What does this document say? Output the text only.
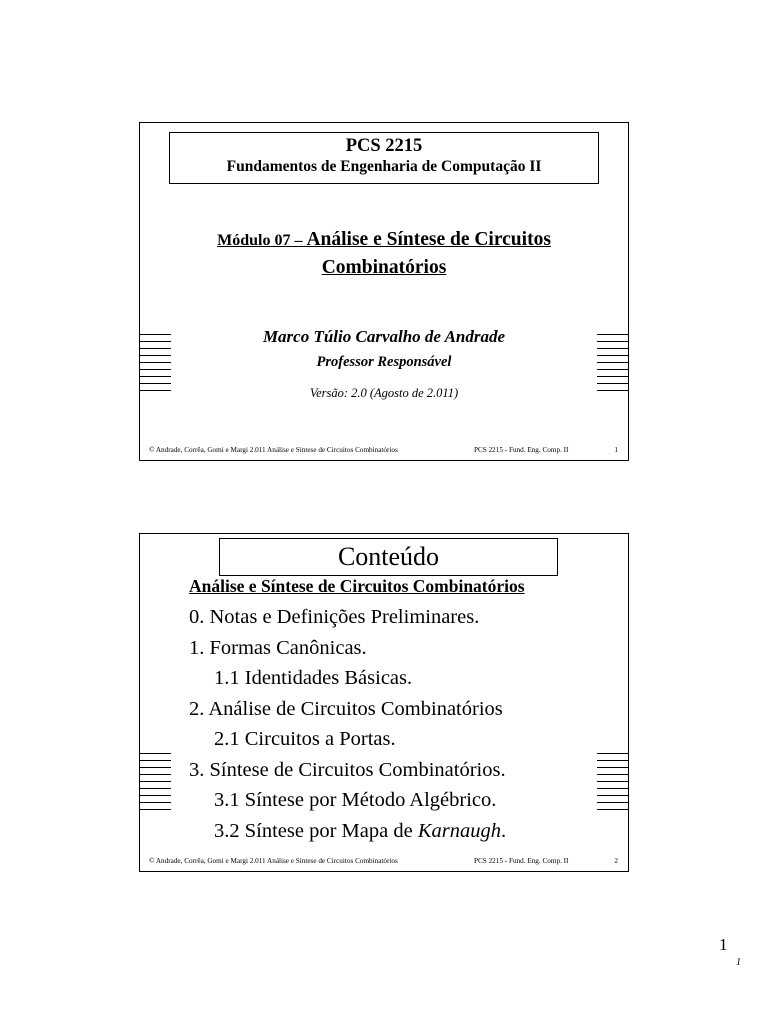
PCS 2215
Fundamentos de Engenharia de Computação II
Módulo 07 – Análise e Síntese de Circuitos
Combinatórios
Marco Túlio Carvalho de Andrade
Professor Responsável
Versão: 2.0 (Agosto de 2.011)
© Andrade, Corrêa, Gomi e Margi 2.011 Análise e Síntese de Circuitos Combinatórios	PCS 2215 - Fund. Eng. Comp. II	1
Conteúdo
Análise e Síntese de Circuitos Combinatórios
0. Notas e Definições Preliminares.
1. Formas Canônicas.
1.1 Identidades Básicas.
2. Análise de Circuitos Combinatórios
2.1 Circuitos a Portas.
3. Síntese de Circuitos Combinatórios.
3.1 Síntese por Método Algébrico.
3.2 Síntese por Mapa de Karnaugh.
© Andrade, Corrêa, Gomi e Margi 2.011 Análise e Síntese de Circuitos Combinatórios	PCS 2215 - Fund. Eng. Comp. II	2
1
1
